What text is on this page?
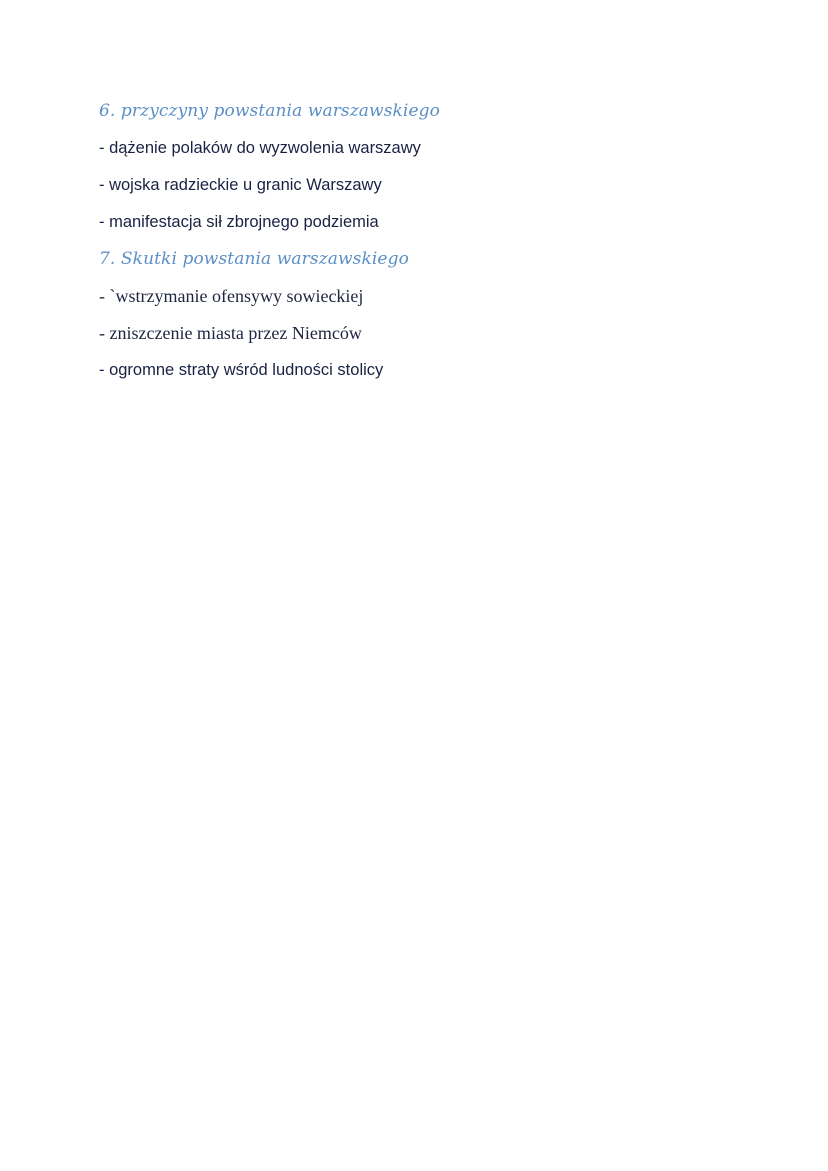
6. przyczyny powstania warszawskiego
- dążenie polaków do wyzwolenia warszawy
- wojska radzieckie u granic Warszawy
- manifestacja sił zbrojnego podziemia
7. Skutki powstania warszawskiego
- `wstrzymanie ofensywy sowieckiej
- zniszczenie miasta przez Niemców
- ogromne straty wśród ludności stolicy
